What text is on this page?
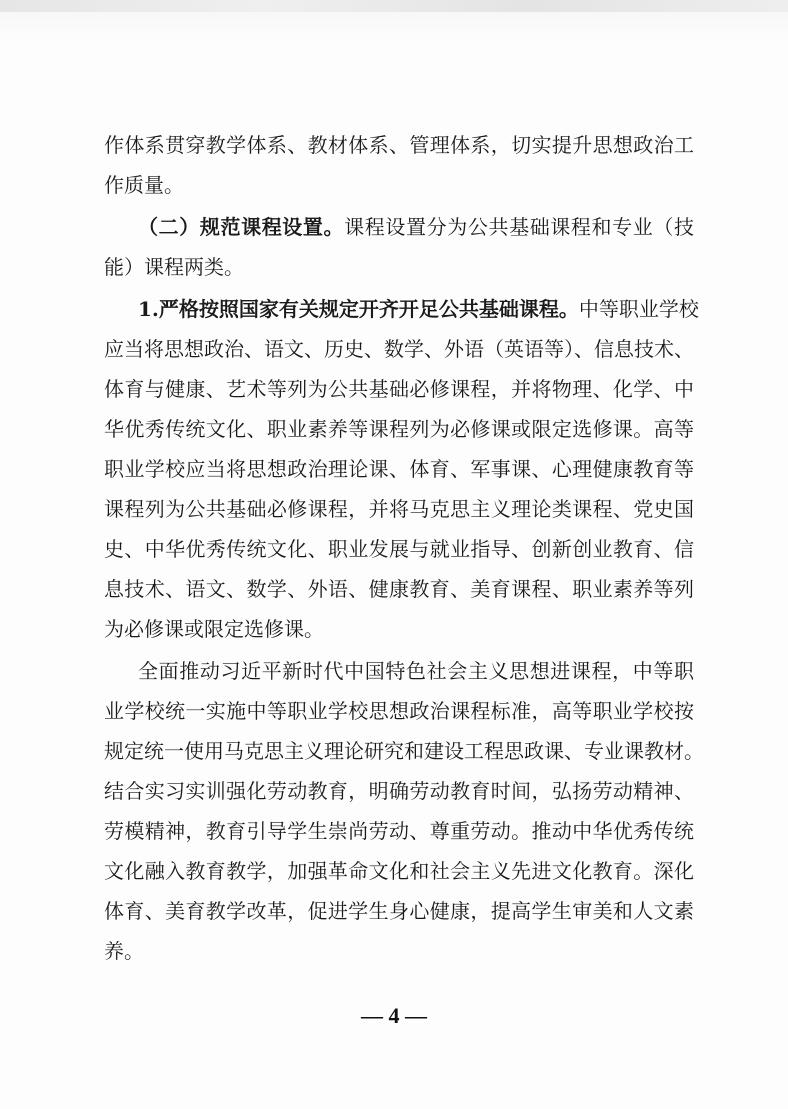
作体系贯穿教学体系、教材体系、管理体系，切实提升思想政治工
作质量。
（二）规范课程设置。课程设置分为公共基础课程和专业（技
能）课程两类。
1.严格按照国家有关规定开齐开足公共基础课程。中等职业学校
应当将思想政治、语文、历史、数学、外语（英语等）、信息技术、
体育与健康、艺术等列为公共基础必修课程，并将物理、化学、中
华优秀传统文化、职业素养等课程列为必修课或限定选修课。高等
职业学校应当将思想政治理论课、体育、军事课、心理健康教育等
课程列为公共基础必修课程，并将马克思主义理论类课程、党史国
史、中华优秀传统文化、职业发展与就业指导、创新创业教育、信
息技术、语文、数学、外语、健康教育、美育课程、职业素养等列
为必修课或限定选修课。
全面推动习近平新时代中国特色社会主义思想进课程，中等职
业学校统一实施中等职业学校思想政治课程标准，高等职业学校按
规定统一使用马克思主义理论研究和建设工程思政课、专业课教材。
结合实习实训强化劳动教育，明确劳动教育时间，弘扬劳动精神、
劳模精神，教育引导学生崇尚劳动、尊重劳动。推动中华优秀传统
文化融入教育教学，加强革命文化和社会主义先进文化教育。深化
体育、美育教学改革，促进学生身心健康，提高学生审美和人文素
养。
— 4 —
